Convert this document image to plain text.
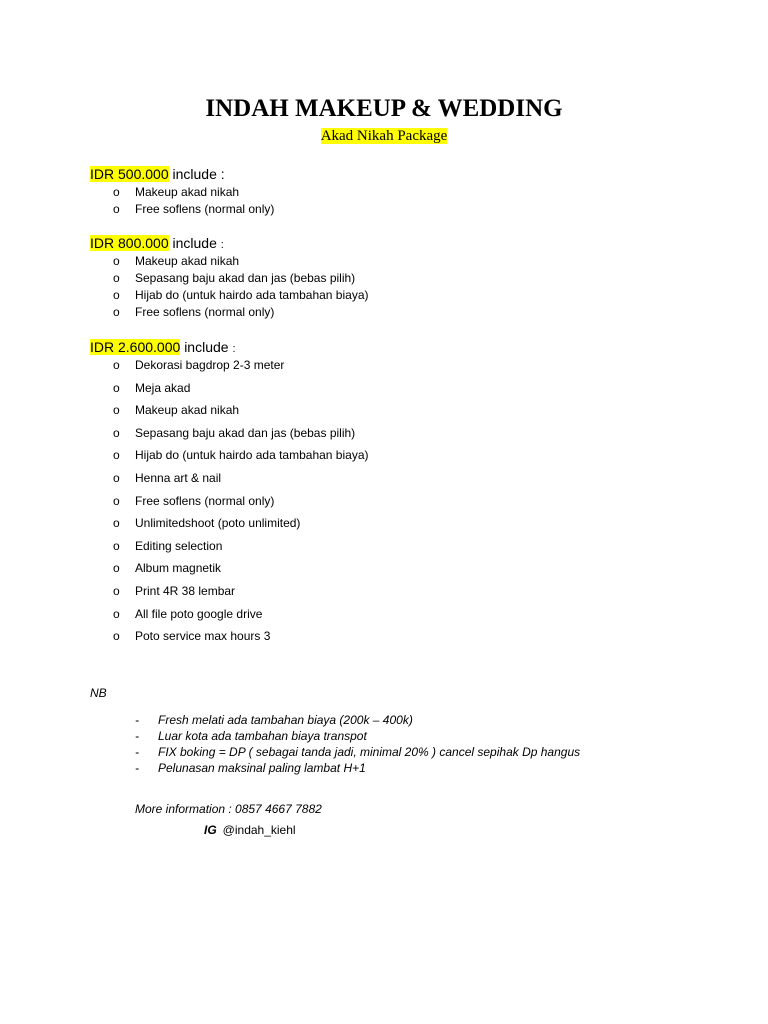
INDAH MAKEUP & WEDDING
Akad Nikah Package
IDR 500.000 include :
o Makeup akad nikah
o Free soflens (normal only)
IDR 800.000 include :
o Makeup akad nikah
o Sepasang baju akad dan jas (bebas pilih)
o Hijab do (untuk hairdo ada tambahan biaya)
o Free soflens (normal only)
IDR 2.600.000 include :
o Dekorasi bagdrop 2-3 meter
o Meja akad
o Makeup akad nikah
o Sepasang baju akad dan jas (bebas pilih)
o Hijab do (untuk hairdo ada tambahan biaya)
o Henna art & nail
o Free soflens (normal only)
o Unlimitedshoot (poto unlimited)
o Editing selection
o Album magnetik
o Print 4R 38 lembar
o All file poto google drive
o Poto service max hours 3
NB
- Fresh melati ada tambahan biaya (200k – 400k)
- Luar kota ada tambahan biaya transpot
- FIX boking = DP ( sebagai tanda jadi, minimal 20% ) cancel sepihak Dp hangus
- Pelunasan maksinal paling lambat H+1
More information : 0857 4667 7882
IG @indah_kiehl
